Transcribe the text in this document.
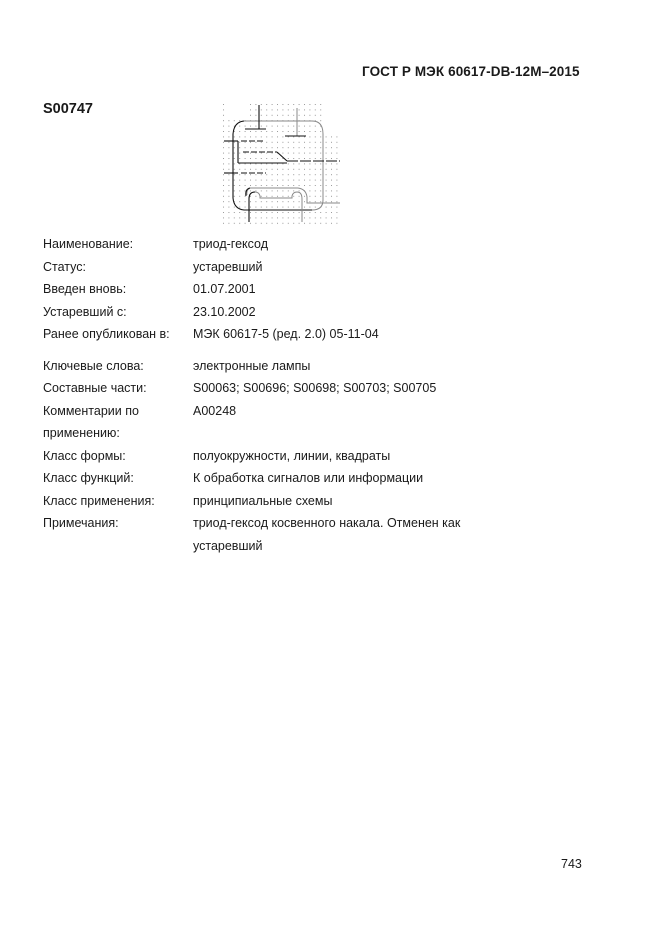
ГОСТ Р МЭК 60617-DB-12M–2015
S00747
Наименование:	триод-гексод
Статус:	устаревший
Введен вновь:	01.07.2001
Устаревший с:	23.10.2002
Ранее опубликован в:	МЭК 60617-5 (ред. 2.0) 05-11-04
Ключевые слова:	электронные лампы
Составные части:	S00063; S00696; S00698; S00703; S00705
Комментарии по	A00248
применению:
Класс формы:	полуокружности, линии, квадраты
Класс функций:	К обработка сигналов или информации
Класс применения:	принципиальные схемы
Примечания:	триод-гексод косвенного накала. Отменен как
устаревший
743
